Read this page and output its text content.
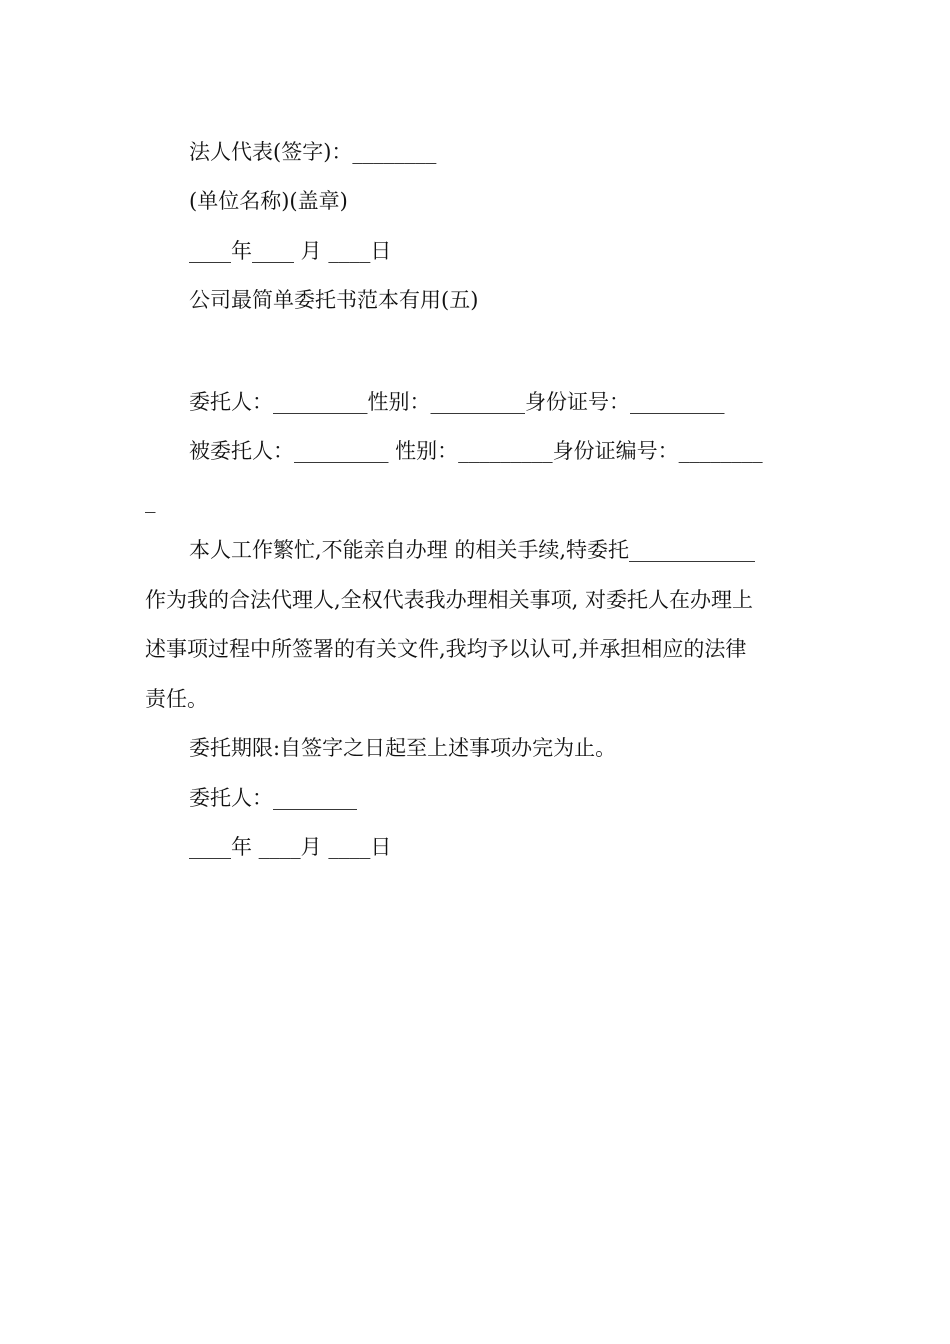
法人代表(签字)：________
(单位名称)(盖章)
____年____ 月 ____日
公司最简单委托书范本有用(五)
委托人：_________性别：_________身份证号：_________
被委托人：_________ 性别：_________身份证编号：________
_
本人工作繁忙,不能亲自办理 的相关手续,特委托____________
作为我的合法代理人,全权代表我办理相关事项, 对委托人在办理上
述事项过程中所签署的有关文件,我均予以认可,并承担相应的法律
责任。
委托期限:自签字之日起至上述事项办完为止。
委托人：________
____年 ____月 ____日
